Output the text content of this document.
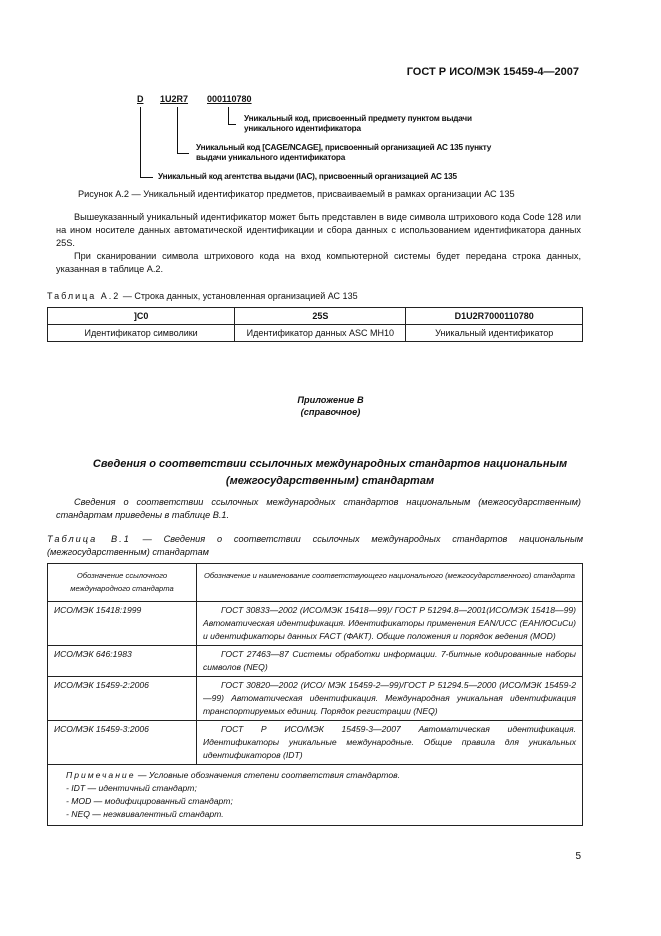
ГОСТ Р ИСО/МЭК 15459-4—2007
D 1U2R7 000110780
Уникальный код, присвоенный предмету пунктом выдачи уникального идентификатора
Уникальный код [CAGE/NCAGE], присвоенный организацией АС 135 пункту выдачи уникального идентификатора
Уникальный код агентства выдачи (IAC), присвоенный организацией АС 135
Рисунок А.2 — Уникальный идентификатор предметов, присваиваемый в рамках организации АС 135

Вышеуказанный уникальный идентификатор может быть представлен в виде символа штрихового кода Code 128 или на ином носителе данных автоматической идентификации и сбора данных с использованием идентификатора данных 25S.

При сканировании символа штрихового кода на вход компьютерной системы будет передана строка данных, указанная в таблице А.2.

Таблица А.2 — Строка данных, установленная организацией АС 135
]C0	25S	D1U2R7000110780
Идентификатор символики	Идентификатор данных ASC MH10	Уникальный идентификатор
Приложение В
(справочное)
Сведения о соответствии ссылочных международных стандартов национальным (межгосударственным) стандартам

Сведения о соответствии ссылочных международных стандартов национальным (межгосударственным) стандартам приведены в таблице В.1.

Таблица В.1 — Сведения о соответствии ссылочных международных стандартов национальным (межгосударственным) стандартам
Обозначение ссылочного международного стандарта	Обозначение и наименование соответствующего национального (межгосударственного) стандарта
ИСО/МЭК 15418:1999	ГОСТ 30833—2002 (ИСО/МЭК 15418—99)/ ГОСТ Р 51294.8—2001(ИСО/МЭК 15418—99) Автоматическая идентификация. Идентификаторы применения EAN/UCC (ЕАН/ЮСиСи) и идентификаторы данных FACT (ФАКТ). Общие положения и порядок ведения (MOD)
ИСО/МЭК 646:1983	ГОСТ 27463—87 Системы обработки информации. 7-битные кодированные наборы символов (NEQ)
ИСО/МЭК 15459-2:2006	ГОСТ 30820—2002 (ИСО/ МЭК 15459-2—99)/ГОСТ Р 51294.5—2000 (ИСО/МЭК 15459-2—99) Автоматическая идентификация. Международная уникальная идентификация транспортируемых единиц. Порядок регистрации (NEQ)
ИСО/МЭК 15459-3:2006	ГОСТ Р ИСО/МЭК 15459-3—2007 Автоматическая идентификация. Идентификаторы уникальные международные. Общие правила для уникальных идентификаторов (IDT)

Примечание — Условные обозначения степени соответствия стандартов.
- IDT — идентичный стандарт;
- MOD — модифицированный стандарт;
- NEQ — неэквивалентный стандарт.	
5
